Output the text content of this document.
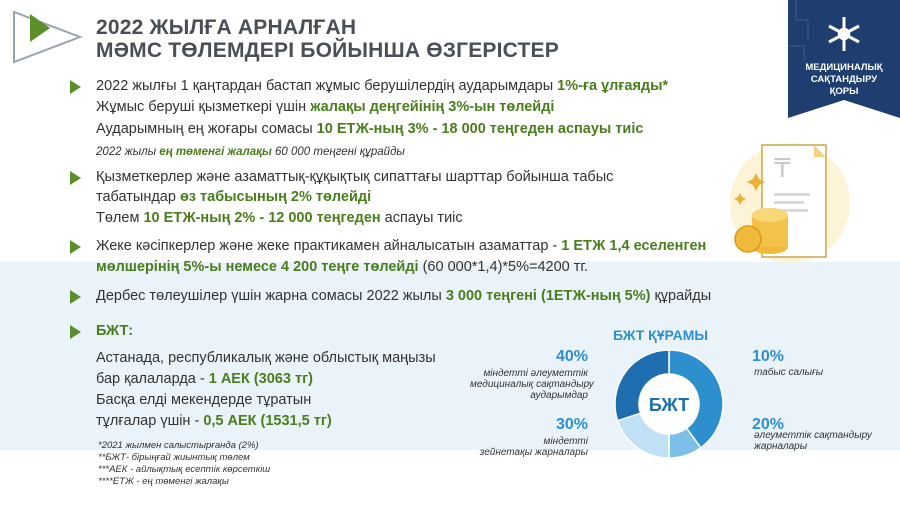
2022 ЖЫЛҒА АРНАЛҒАН
МӘМС ТӨЛЕМДЕРІ БОЙЫНША ӨЗГЕРІСТЕР
МЕДИЦИНАЛЫҚ
САҚТАНДЫРУ
ҚОРЫ
₸
2022 жылғы 1 қаңтардан бастап жұмыс берушілердің аударымдары 1%-ға ұлғаяды*
Жұмыс беруші қызметкері үшін жалақы деңгейінің 3%-ын төлейді
Аударымның ең жоғары сомасы 10 ЕТЖ-ның 3% - 18 000 теңгеден аспауы тиіс
2022 жылы ең төменгі жалақы 60 000 теңгені құрайды
Қызметкерлер және азаматтық-құқықтық сипаттағы шарттар бойынша табыс
табатындар өз табысының 2% төлейді
Төлем 10 ЕТЖ-ның 2% - 12 000 теңгеден аспауы тиіс
Жеке кәсіпкерлер және жеке практикамен айналысатын азаматтар - 1 ЕТЖ 1,4 еселенген
мөлшерінің 5%-ы немесе 4 200 теңге төлейді (60 000*1,4)*5%=4200 тг.
Дербес төлеушілер үшін жарна сомасы 2022 жылы 3 000 теңгені (1ЕТЖ-ның 5%) құрайды
БЖТ:
Астанада, республикалық және облыстық маңызы
бар қалаларда - 1 АЕК (3063 тг)
Басқа елді мекендерде тұратын
тұлғалар үшін - 0,5 АЕК (1531,5 тг)
*2021 жылмен салыстырғанда (2%)
**БЖТ- бірыңғай жиынтық төлем
***АЕК - айлықтық есептік көрсеткіш
****ЕТЖ - ең төменгі жалақы
БЖТ ҚҰРАМЫ
БЖТ
40%
міндетті әлеуметтік
медициналық сақтандыру
аударымдар
10%
табыс салығы
30%
міндетті
зейнетақы жарналары
20%
әлеуметтік сақтандыру
жарналары
